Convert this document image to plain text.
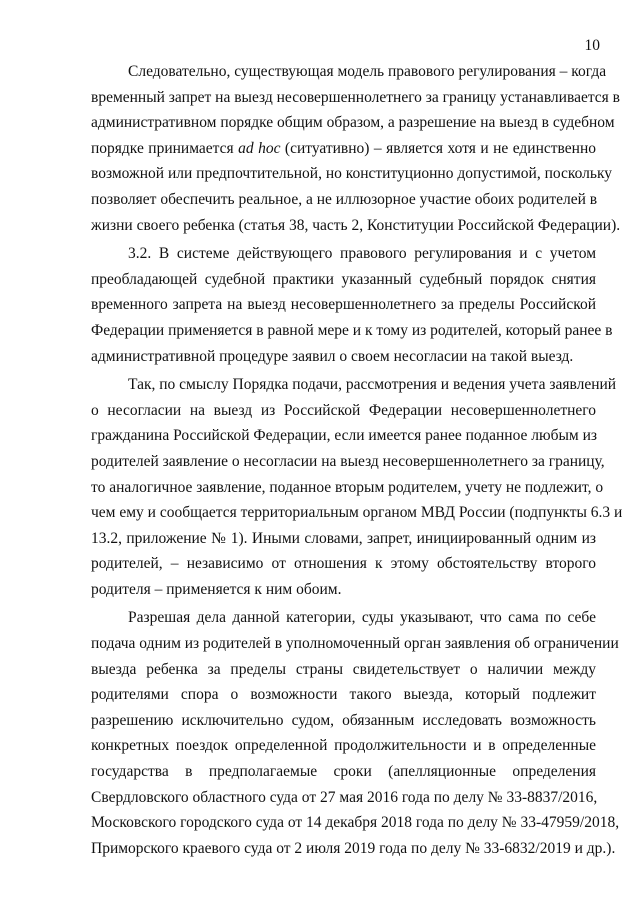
10
Следовательно, существующая модель правового регулирования – когда
временный запрет на выезд несовершеннолетнего за границу устанавливается в
административном порядке общим образом, а разрешение на выезд в судебном
порядке принимается ad hoc (ситуативно) – является хотя и не единственно
возможной или предпочтительной, но конституционно допустимой, поскольку
позволяет обеспечить реальное, а не иллюзорное участие обоих родителей в
жизни своего ребенка (статья 38, часть 2, Конституции Российской Федерации).
3.2. В системе действующего правового регулирования и с учетом
преобладающей судебной практики указанный судебный порядок снятия
временного запрета на выезд несовершеннолетнего за пределы Российской
Федерации применяется в равной мере и к тому из родителей, который ранее в
административной процедуре заявил о своем несогласии на такой выезд.
Так, по смыслу Порядка подачи, рассмотрения и ведения учета заявлений
о несогласии на выезд из Российской Федерации несовершеннолетнего
гражданина Российской Федерации, если имеется ранее поданное любым из
родителей заявление о несогласии на выезд несовершеннолетнего за границу,
то аналогичное заявление, поданное вторым родителем, учету не подлежит, о
чем ему и сообщается территориальным органом МВД России (подпункты 6.3 и
13.2, приложение № 1). Иными словами, запрет, инициированный одним из
родителей, – независимо от отношения к этому обстоятельству второго
родителя – применяется к ним обоим.
Разрешая дела данной категории, суды указывают, что сама по себе
подача одним из родителей в уполномоченный орган заявления об ограничении
выезда ребенка за пределы страны свидетельствует о наличии между
родителями спора о возможности такого выезда, который подлежит
разрешению исключительно судом, обязанным исследовать возможность
конкретных поездок определенной продолжительности и в определенные
государства в предполагаемые сроки (апелляционные определения
Свердловского областного суда от 27 мая 2016 года по делу № 33-8837/2016,
Московского городского суда от 14 декабря 2018 года по делу № 33-47959/2018,
Приморского краевого суда от 2 июля 2019 года по делу № 33-6832/2019 и др.).
